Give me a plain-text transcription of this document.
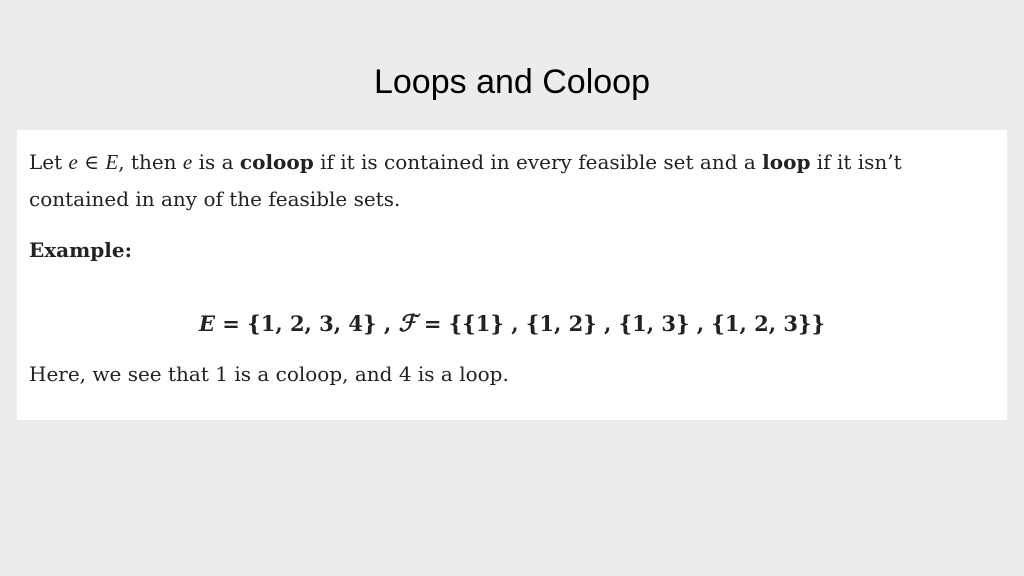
Loops and Coloop

Let e ∈ E, then e is a coloop if it is contained in every feasible set and a loop if it isn’t
contained in any of the feasible sets.

Example:
E = {1, 2, 3, 4} , ℱ = {{1} , {1, 2} , {1, 3} , {1, 2, 3}}
Here, we see that 1 is a coloop, and 4 is a loop.
